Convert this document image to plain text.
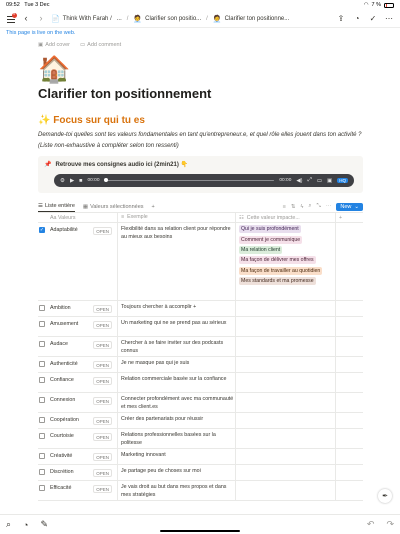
09:52 Tue 3 Dec	◠ 7 %
9	‹	›	📄 Think With Farah / ... / 🧑‍💼 Clarifier son positio... / 🧑‍💼 Clarifier ton positionne...	⇪	◔	✓ ⋯
This page is live on the web.
▣ Add cover ▭ Add comment
🏠
Clarifier ton positionnement
✨ Focus sur qui tu es
Demande-toi quelles sont tes valeurs fondamentales en tant qu'entrepreneur.e, et quel rôle elles jouent dans ton activité ?
(Liste non-exhaustive à compléter selon ton ressenti)
📌 Retrouve mes consignes audio ici (2min21) 👇
⚙ ▶ ■ 00:00	00:00 ◀) ⤢ ▭ ▣	HQ
☰ Liste entière ▦ Valeurs sélectionnées +	≡ ⇅ ϟ ⌕ ⤡ ⋯ New ⌄
Aa Valeurs	≡ Exemple	☷ Cette valeur impacte...	+
✓ Adaptabilité	OPEN	Flexibilité dans sa relation client pour répondre au mieux aux besoins
Qui je suis profondément
Comment je communique
Ma relation client
Ma façon de délivrer mes offres
Ma façon de travailler au quotidien
Mes standards et ma promesse
Ambition	OPEN	Toujours chercher à accomplir +
Amusement	OPEN	Un marketing qui ne se prend pas au sérieux
Audace	OPEN	Chercher à se faire inviter sur des podcasts connus
Authenticité	OPEN	Je ne masque pas qui je suis
Confiance	OPEN	Relation commerciale basée sur la confiance
Connexion	OPEN	Connecter profondément avec ma communauté et mes client.es
Coopération	OPEN	Créer des partenariats pour réussir
Courtoisie	OPEN	Relations professionnelles basées sur la politesse
Créativité	OPEN	Marketing innovant
Discrétion	OPEN	Je partage peu de choses sur moi
Efficacité	OPEN	Je vais droit au but dans mes propos et dans mes stratégies	✒
⌕ ◔ ✎	↶ ↷
